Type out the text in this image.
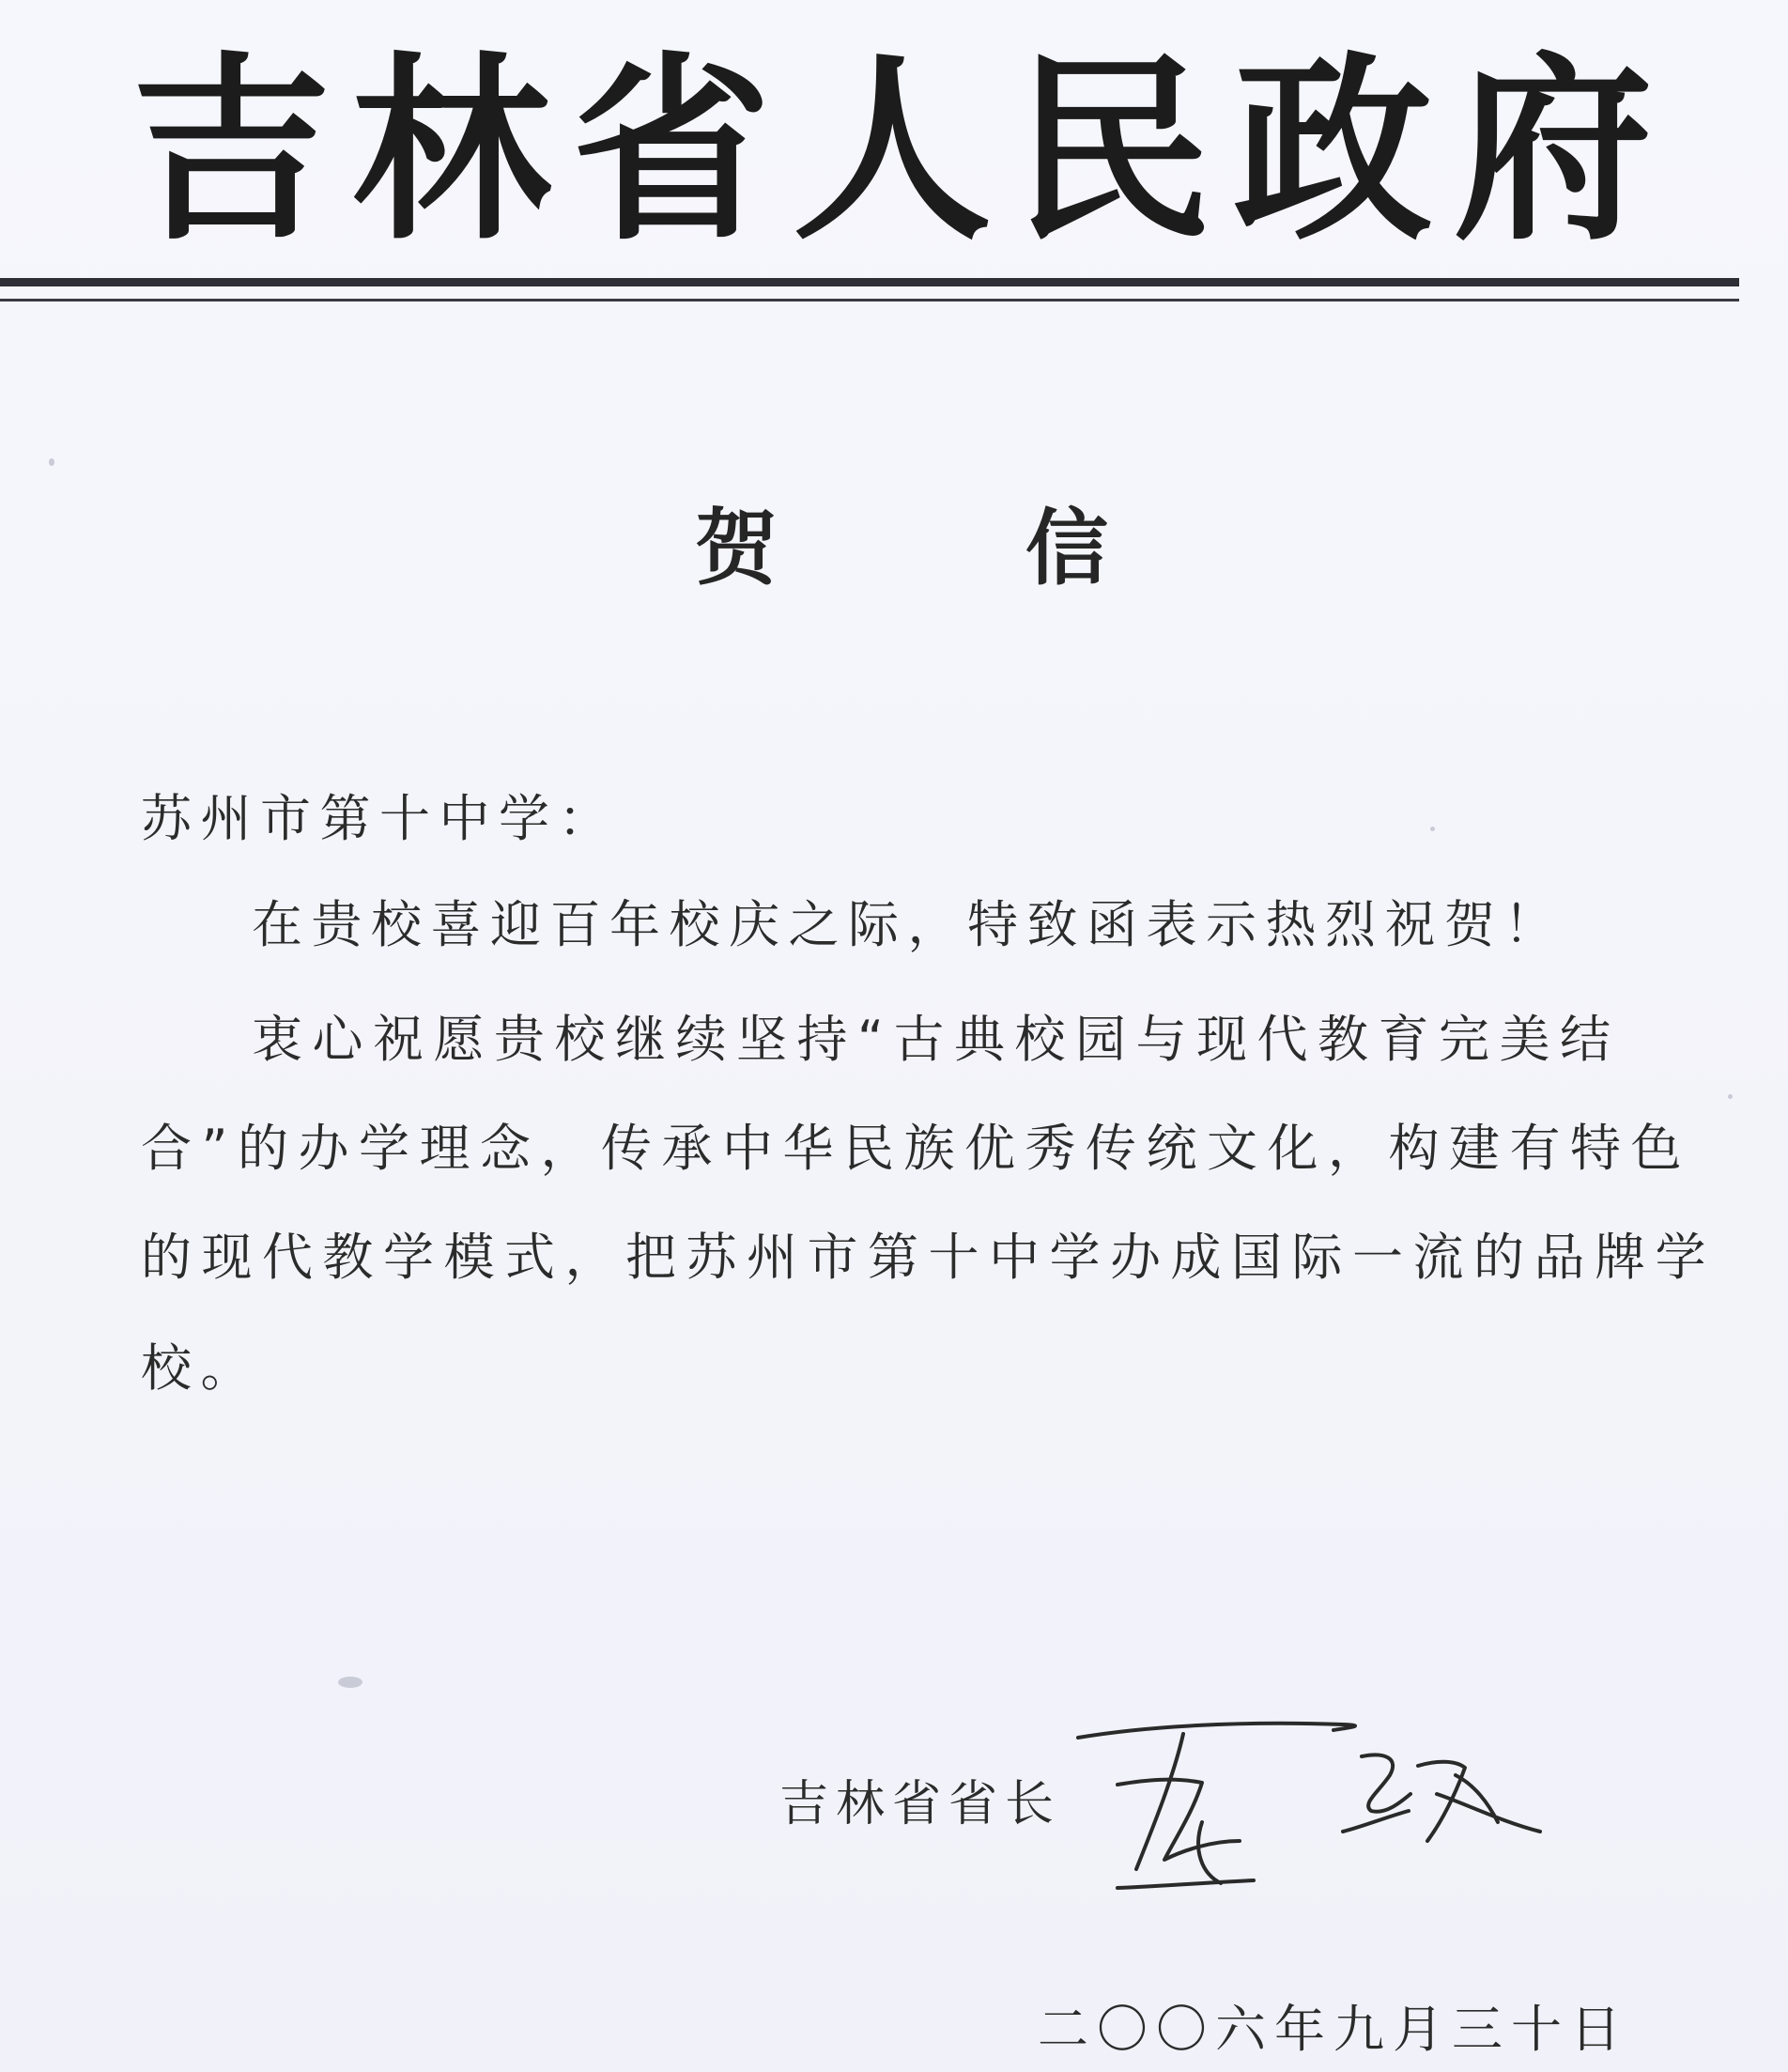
吉 林 省 人 民 政 府
贺	信
苏州市第十中学：
在贵校喜迎百年校庆之际，特致函表示热烈祝贺！
衷心祝愿贵校继续坚持“古典校园与现代教育完美结
合”的办学理念，传承中华民族优秀传统文化，构建有特色
的现代教学模式，把苏州市第十中学办成国际一流的品牌学
校。
吉林省省长
二〇〇六年九月三十日
